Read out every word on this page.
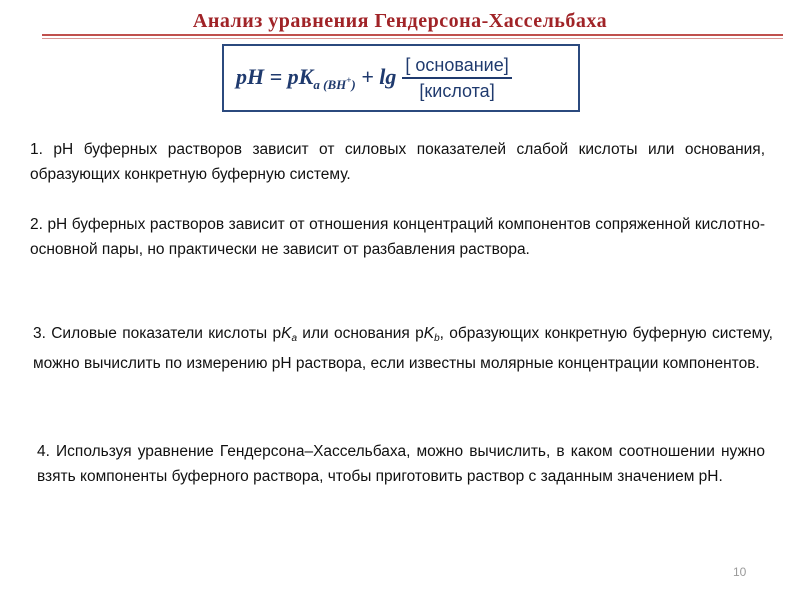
Анализ уравнения Гендерсона-Хассельбаха
pH = $pK_{a (BH^+)} + \lg \frac{\text{[ основание]}}{\text{[кислота]}}$

1. рН буферных растворов зависит от силовых показателей слабой кислоты или основания, образующих конкретную буферную систему.

2. рН буферных растворов зависит от отношения концентраций компонентов сопряженной кислотно-основной пары, но практически не зависит от разбавления раствора.

3. Силовые показатели кислоты $рK_a$ или основания $рK_b$, образующих конкретную буферную систему, можно вычислить по измерению рН раствора, если известны молярные концентрации компонентов.

4. Используя уравнение Гендерсона–Хассельбаха, можно вычислить, в каком соотношении нужно взять компоненты буферного раствора, чтобы приготовить раствор с заданным значением рН.

10
